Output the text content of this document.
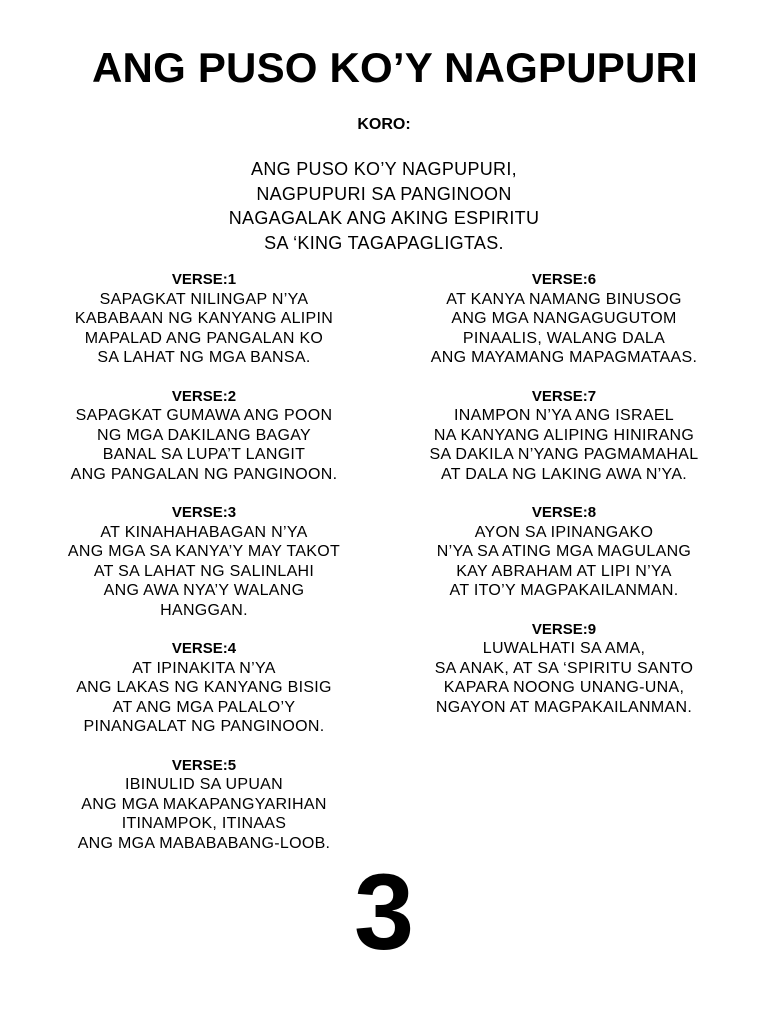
ANG PUSO KO’Y NAGPUPURI
KORO:
ANG PUSO KO’Y NAGPUPURI,
NAGPUPURI SA PANGINOON
NAGAGALAK ANG AKING ESPIRITU
SA ‘KING TAGAPAGLIGTAS.
VERSE:1
SAPAGKAT NILINGAP N’YA
KABABAAN NG KANYANG ALIPIN
MAPALAD ANG PANGALAN KO
SA LAHAT NG MGA BANSA.
VERSE:2
SAPAGKAT GUMAWA ANG POON
NG MGA DAKILANG BAGAY
BANAL SA LUPA’T LANGIT
ANG PANGALAN NG PANGINOON.
VERSE:3
AT KINAHAHABAGAN N’YA
ANG MGA SA KANYA’Y MAY TAKOT
AT SA LAHAT NG SALINLAHI
ANG AWA NYA’Y WALANG
HANGGAN.
VERSE:4
AT IPINAKITA N’YA
ANG LAKAS NG KANYANG BISIG
AT ANG MGA PALALO’Y
PINANGALAT NG PANGINOON.
VERSE:5
IBINULID SA UPUAN
ANG MGA MAKAPANGYARIHAN
ITINAMPOK, ITINAAS
ANG MGA MABABABANG-LOOB.
VERSE:6
AT KANYA NAMANG BINUSOG
ANG MGA NANGAGUGUTOM
PINAALIS, WALANG DALA
ANG MAYAMANG MAPAGMATAAS.
VERSE:7
INAMPON N’YA ANG ISRAEL
NA KANYANG ALIPING HINIRANG
SA DAKILA N’YANG PAGMAMAHAL
AT DALA NG LAKING AWA N’YA.
VERSE:8
AYON SA IPINANGAKO
N’YA SA ATING MGA MAGULANG
KAY ABRAHAM AT LIPI N’YA
AT ITO’Y MAGPAKAILANMAN.
VERSE:9
LUWALHATI SA AMA,
SA ANAK, AT SA ‘SPIRITU SANTO
KAPARA NOONG UNANG-UNA,
NGAYON AT MAGPAKAILANMAN.
3
